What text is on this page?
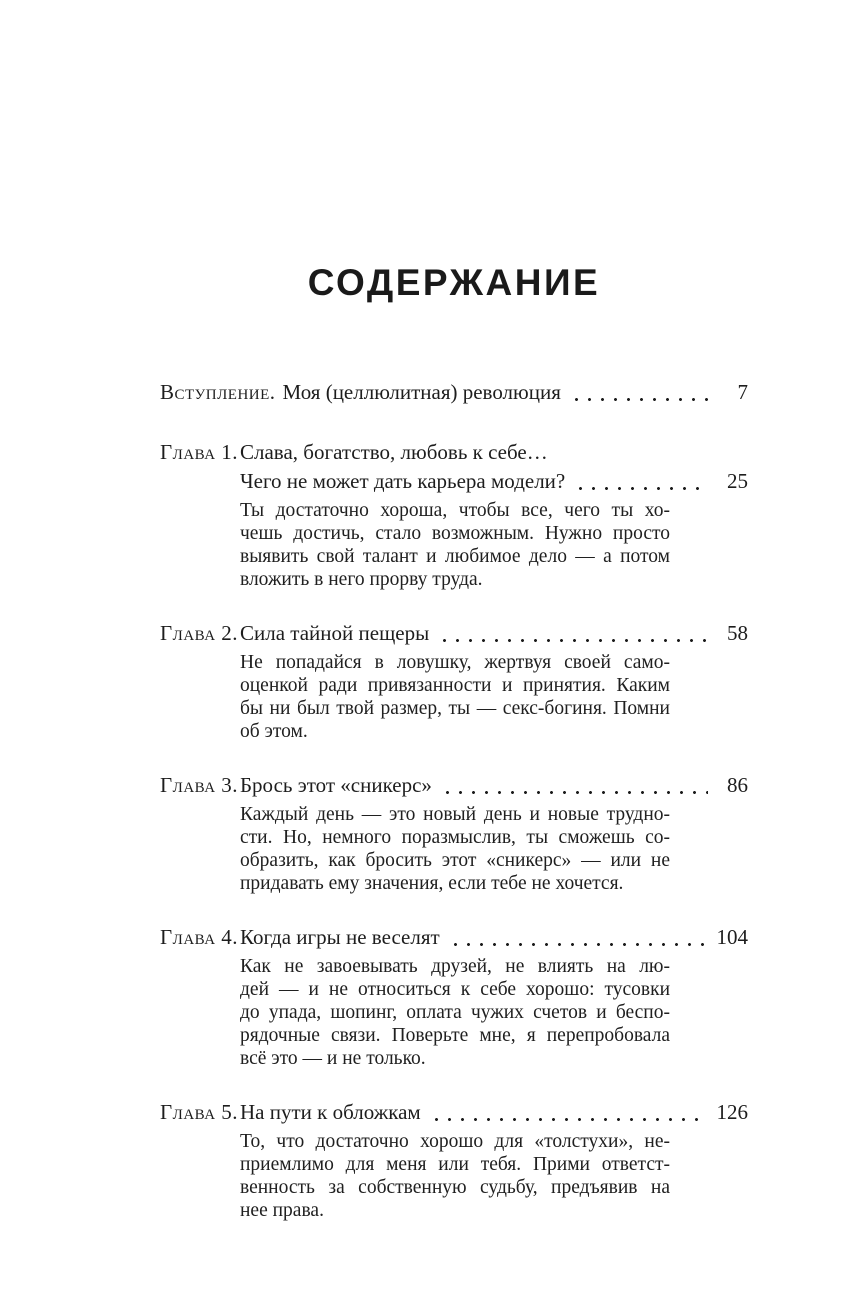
СОДЕРЖАНИЕ
Вступление. Моя (целлюлитная) революция	7
Глава 1. Слава, богатство, любовь к себе…
Чего не может дать карьера модели?	25
Ты достаточно хороша, чтобы все, чего ты хо-
чешь достичь, стало возможным. Нужно просто
выявить свой талант и любимое дело — а потом
вложить в него прорву труда.
Глава 2. Сила тайной пещеры	58
Не попадайся в ловушку, жертвуя своей само-
оценкой ради привязанности и принятия. Каким
бы ни был твой размер, ты — секс-богиня. Помни
об этом.
Глава 3. Брось этот «сникерс»	86
Каждый день — это новый день и новые трудно-
сти. Но, немного поразмыслив, ты сможешь со-
образить, как бросить этот «сникерс» — или не
придавать ему значения, если тебе не хочется.
Глава 4. Когда игры не веселят	104
Как не завоевывать друзей, не влиять на лю-
дей — и не относиться к себе хорошо: тусовки
до упада, шопинг, оплата чужих счетов и беспо-
рядочные связи. Поверьте мне, я перепробовала
всё это — и не только.
Глава 5. На пути к обложкам	126
То, что достаточно хорошо для «толстухи», не-
приемлимо для меня или тебя. Прими ответст-
венность за собственную судьбу, предъявив на
нее права.
